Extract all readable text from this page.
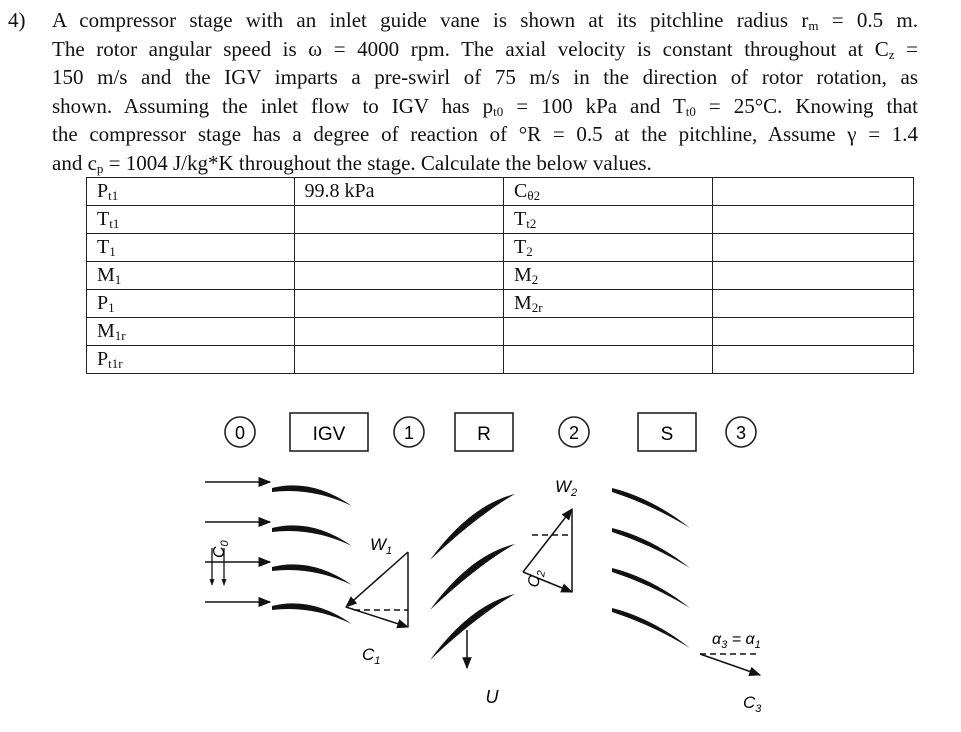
4) A compressor stage with an inlet guide vane is shown at its pitchline radius $r_m = 0.5$ m.
The rotor angular speed is ω = 4000 rpm. The axial velocity is constant throughout at $C_z$ =
150 m/s and the IGV imparts a pre-swirl of 75 m/s in the direction of rotor rotation, as
shown. Assuming the inlet flow to IGV has $p_{t0} = 100$ kPa and $T_{t0} = 25^\circ C$. Knowing that
the compressor stage has a degree of reaction of °R = 0.5 at the pitchline, Assume γ = 1.4
and $c_p = 1004$ J/kg*K throughout the stage. Calculate the below values.
$P_{t1}$	99.8 kPa	$C_{\theta 2}$	
$T_{t1}$		$T_{t2}$	
$T_1$		$T_2$	
$M_1$		$M_2$	
$P_1$		$M_{2r}$	
$M_{1r}$			
$P_{t1r}$			
0	IGV	1	R	2	S	3
$C_0$	$W_1$
$C_1$
U
$W_2$
$C_2$
$\alpha_3 = \alpha_1$
$C_3$
